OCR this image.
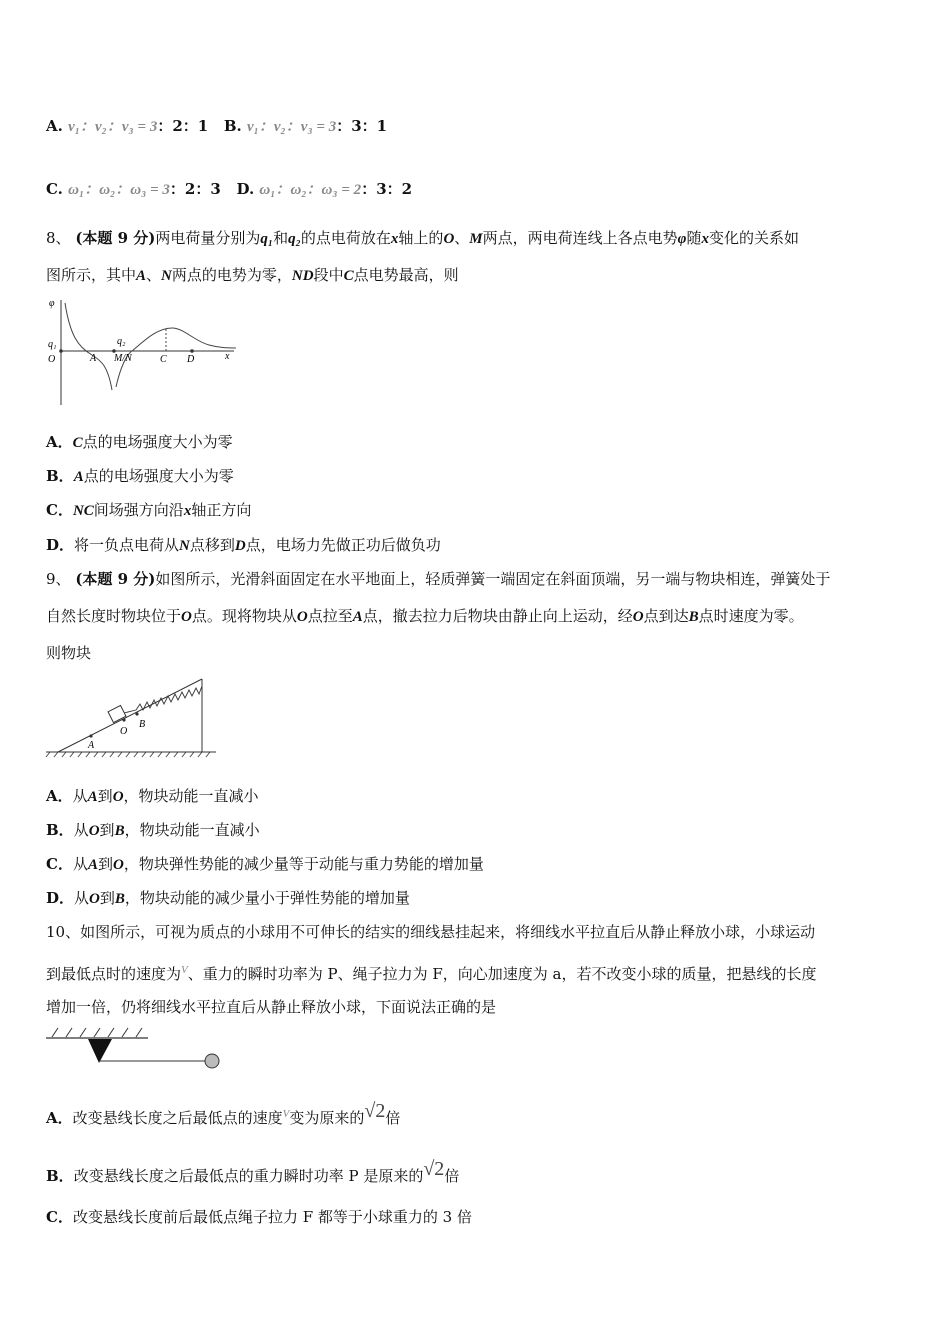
A. v₁：v₂：v₃ = 3：2：1 B. v₁：v₂：v₃ = 3：3：1
C. ω₁：ω₂：ω₃ = 3：2：3 D. ω₁：ω₂：ω₃ = 2：3：2
8、 (本题 9 分)两电荷量分别为q₁和q₂的点电荷放在x轴上的O、M两点，两电荷连线上各点电势φ随x变化的关系如
图所示，其中A、N两点的电势为零，ND段中C点电势最高，则
φ
q₁
O	A
q₂
M/N	C D	x
A．C点的电场强度大小为零
B．A点的电场强度大小为零
C．NC间场强方向沿x轴正方向
D．将一负点电荷从N点移到D点，电场力先做正功后做负功
9、 (本题 9 分)如图所示，光滑斜面固定在水平地面上，轻质弹簧一端固定在斜面顶端，另一端与物块相连，弹簧处于
自然长度时物块位于O点。现将物块从O点拉至A点，撤去拉力后物块由静止向上运动，经O点到达B点时速度为零。
则物块
A
O
B
A．从A到O，物块动能一直减小
B．从O到B，物块动能一直减小
C．从A到O，物块弹性势能的减少量等于动能与重力势能的增加量
D．从O到B，物块动能的减少量小于弹性势能的增加量
10、如图所示，可视为质点的小球用不可伸长的结实的细线悬挂起来，将细线水平拉直后从静止释放小球，小球运动
到最低点时的速度为$^V$、重力的瞬时功率为 P、绳子拉力为 F，向心加速度为 a，若不改变小球的质量，把悬线的长度
增加一倍，仍将细线水平拉直后从静止释放小球，下面说法正确的是
A．改变悬线长度之后最低点的速度$^V$变为原来的$^{√2}$倍
B．改变悬线长度之后最低点的重力瞬时功率 P 是原来的$^{√2}$倍
C．改变悬线长度前后最低点绳子拉力 F 都等于小球重力的 3 倍
